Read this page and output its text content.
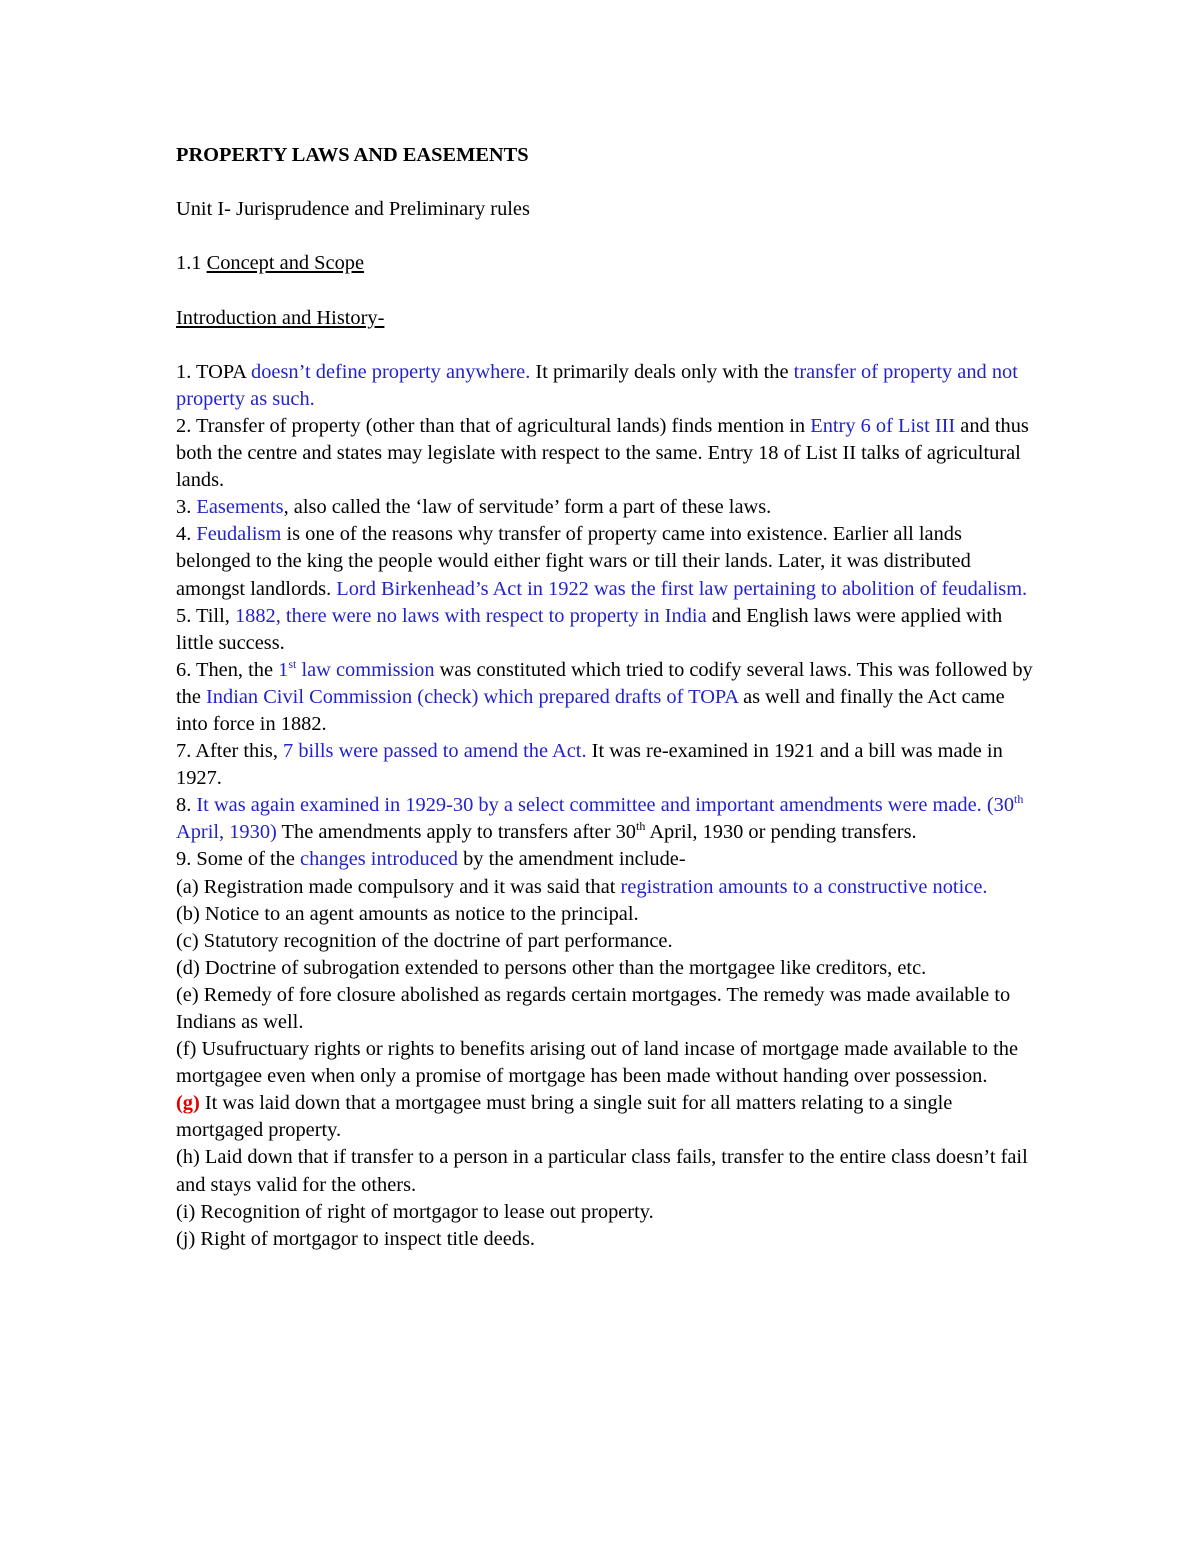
PROPERTY LAWS AND EASEMENTS

Unit I- Jurisprudence and Preliminary rules

1.1 Concept and Scope

Introduction and History-

1. TOPA doesn’t define property anywhere. It primarily deals only with the transfer of property and not property as such.

2. Transfer of property (other than that of agricultural lands) finds mention in Entry 6 of List III and thus both the centre and states may legislate with respect to the same. Entry 18 of List II talks of agricultural lands.

3. Easements, also called the ‘law of servitude’ form a part of these laws.

4. Feudalism is one of the reasons why transfer of property came into existence. Earlier all lands belonged to the king the people would either fight wars or till their lands. Later, it was distributed amongst landlords. Lord Birkenhead’s Act in 1922 was the first law pertaining to abolition of feudalism.

5. Till, 1882, there were no laws with respect to property in India and English laws were applied with little success.

6. Then, the 1st law commission was constituted which tried to codify several laws. This was followed by the Indian Civil Commission (check) which prepared drafts of TOPA as well and finally the Act came into force in 1882.

7. After this, 7 bills were passed to amend the Act. It was re-examined in 1921 and a bill was made in 1927.

8. It was again examined in 1929-30 by a select committee and important amendments were made. (30th April, 1930) The amendments apply to transfers after 30th April, 1930 or pending transfers.

9. Some of the changes introduced by the amendment include-

(a) Registration made compulsory and it was said that registration amounts to a constructive notice.

(b) Notice to an agent amounts as notice to the principal.

(c) Statutory recognition of the doctrine of part performance.

(d) Doctrine of subrogation extended to persons other than the mortgagee like creditors, etc.

(e) Remedy of fore closure abolished as regards certain mortgages. The remedy was made available to Indians as well.

(f) Usufructuary rights or rights to benefits arising out of land incase of mortgage made available to the mortgagee even when only a promise of mortgage has been made without handing over possession.

(g) It was laid down that a mortgagee must bring a single suit for all matters relating to a single mortgaged property.

(h) Laid down that if transfer to a person in a particular class fails, transfer to the entire class doesn’t fail and stays valid for the others.

(i) Recognition of right of mortgagor to lease out property.

(j) Right of mortgagor to inspect title deeds.
